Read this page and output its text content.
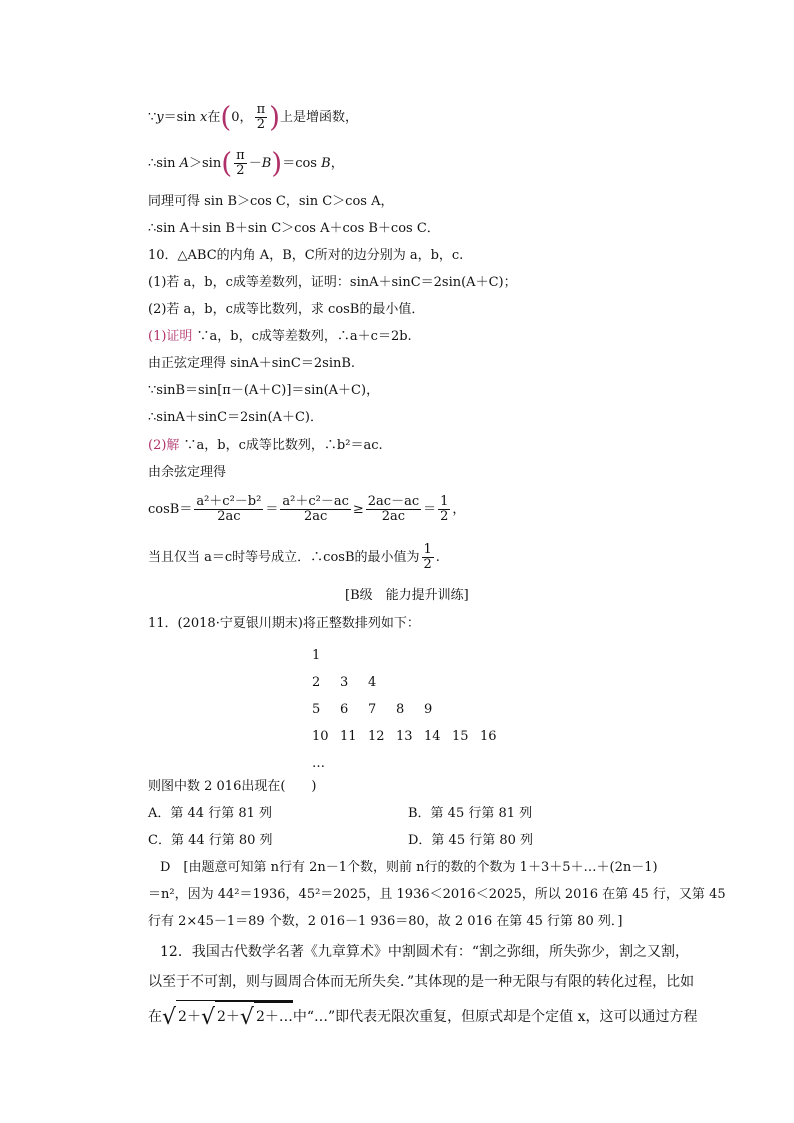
∵y＝sin x在(0， $\frac{\pi}{2}$ )上是增函数，
∴sin $A>\sin( \frac{\pi}{2} -B)=\cos$ B，
同理可得 sin B＞cos C，sin C＞cos A，
∴sin A＋sin B＋sin C＞cos A＋cos B＋cos C．
10．△ABC的内角 A，B，C所对的边分别为 a，b，c.
(1)若 a，b，c成等差数列，证明：sinA＋sinC＝2sin(A＋C)；
(2)若 a，b，c成等比数列，求 cosB的最小值．
(1)证明 ∵a，b，c成等差数列，∴a＋c＝2b.
由正弦定理得 sinA＋sinC＝2sinB.
∵sinB＝sin[π－(A＋C)]＝sin(A＋C)，
∴sinA＋sinC＝2sin(A＋C)．
(2)解 ∵a，b，c成等比数列，∴b²＝ac.
由余弦定理得
$\cos B= \frac{\text{a²＋c²－b²}}{2ac} = \frac{\text{a²＋c²－ac}}{2ac} \ge \frac{2ac-ac}{2ac} = \frac{1}{2}$ ，
当且仅当 a＝c时等号成立．∴cosB的最小值为 $\frac{1}{2}$ .
[B级　能力提升训练]
11．(2018·宁夏银川期末)将正整数排列如下：
1
2 3 4
5 6 7 8 9
10 11 12 13 14 15 16
…
则图中数 2 016出现在(　　)
A．第 44 行第 81 列	B．第 45 行第 81 列
C．第 44 行第 80 列	D．第 45 行第 80 列
D　[由题意可知第 n行有 2n－1个数，则前 n行的数的个数为 1＋3＋5＋…＋(2n－1)
＝n²，因为 44²＝1936，45²＝2025，且 1936＜2016＜2025，所以 2016 在第 45 行，又第 45
行有 2×45－1＝89 个数，2 016－1 936＝80，故 2 016 在第 45 行第 80 列．]
12．我国古代数学名著《九章算术》中割圆术有：“割之弥细，所失弥少，割之又割，
以至于不可割，则与圆周合体而无所失矣．”其体现的是一种无限与有限的转化过程，比如
在√ 2＋√ 2＋√ 2＋…中“…”即代表无限次重复，但原式却是个定值 x，这可以通过方程
